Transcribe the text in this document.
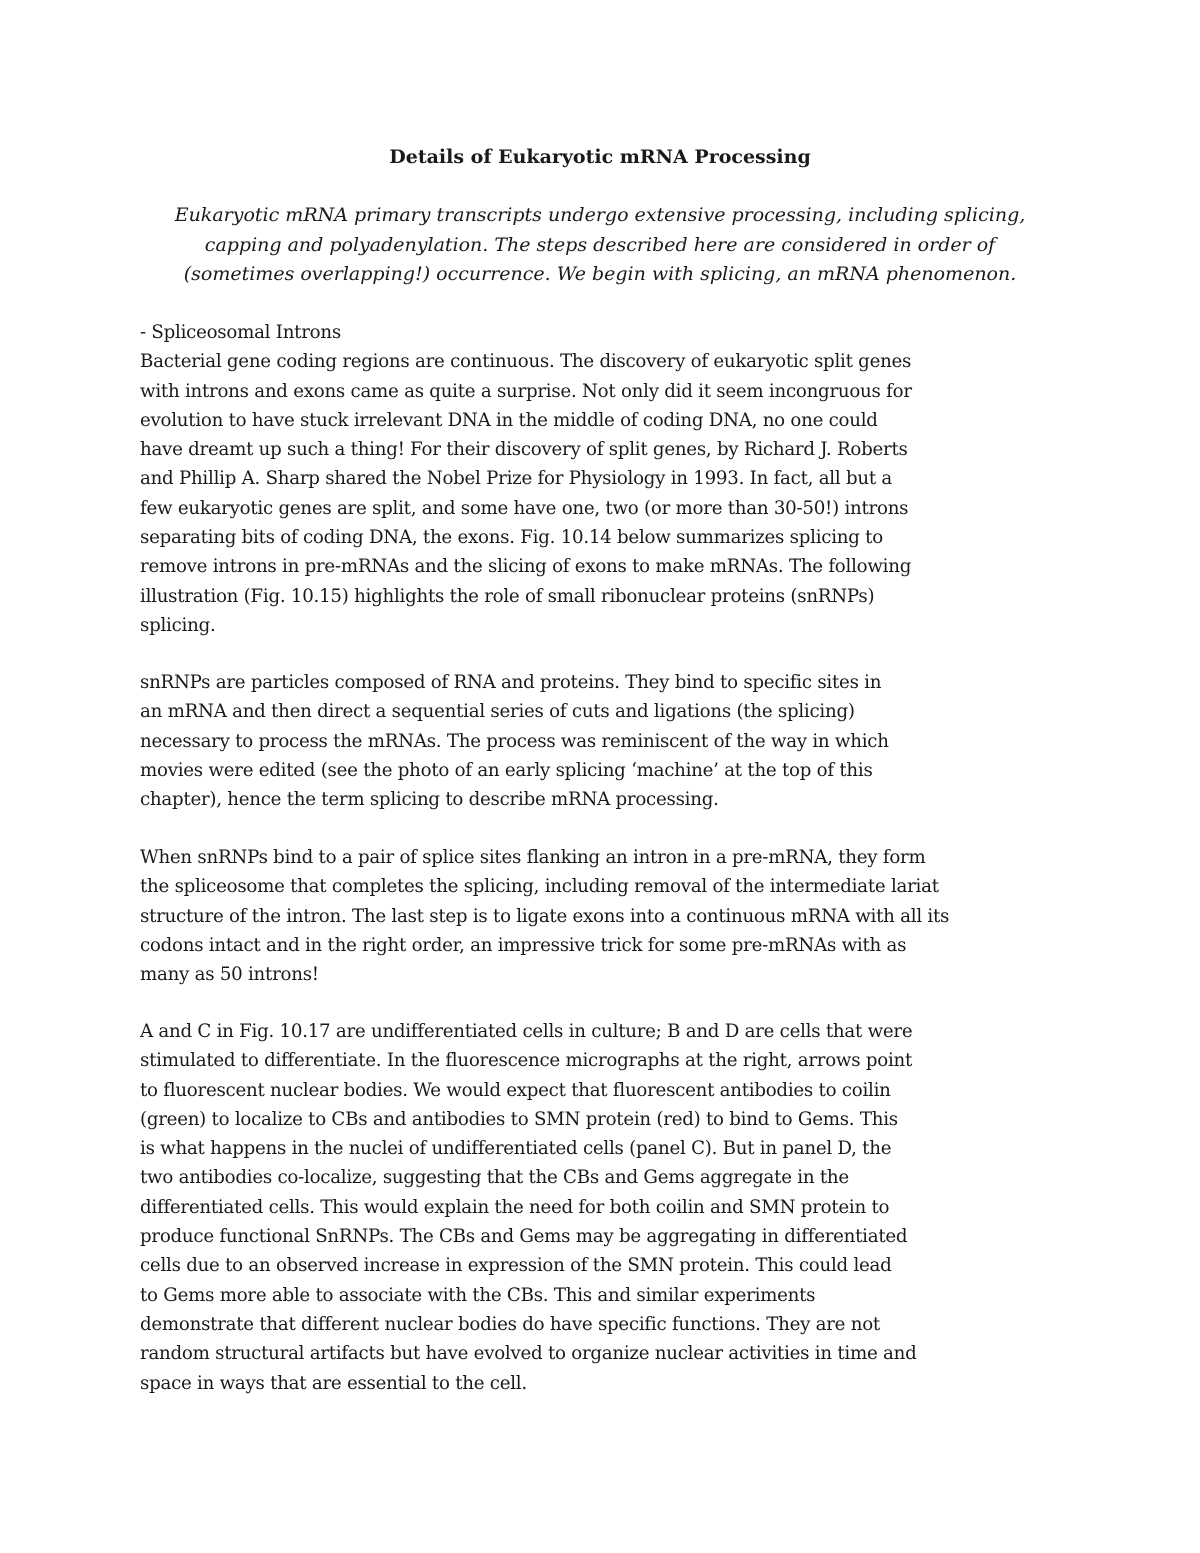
Details of Eukaryotic mRNA Processing
Eukaryotic mRNA primary transcripts undergo extensive processing, including splicing,
capping and polyadenylation. The steps described here are considered in order of
(sometimes overlapping!) occurrence. We begin with splicing, an mRNA phenomenon.
- Spliceosomal Introns
Bacterial gene coding regions are continuous. The discovery of eukaryotic split genes
with introns and exons came as quite a surprise. Not only did it seem incongruous for
evolution to have stuck irrelevant DNA in the middle of coding DNA, no one could
have dreamt up such a thing! For their discovery of split genes, by Richard J. Roberts
and Phillip A. Sharp shared the Nobel Prize for Physiology in 1993. In fact, all but a
few eukaryotic genes are split, and some have one, two (or more than 30-50!) introns
separating bits of coding DNA, the exons. Fig. 10.14 below summarizes splicing to
remove introns in pre-mRNAs and the slicing of exons to make mRNAs. The following
illustration (Fig. 10.15) highlights the role of small ribonuclear proteins (snRNPs)
splicing.
snRNPs are particles composed of RNA and proteins. They bind to specific sites in
an mRNA and then direct a sequential series of cuts and ligations (the splicing)
necessary to process the mRNAs. The process was reminiscent of the way in which
movies were edited (see the photo of an early splicing ‘machine’ at the top of this
chapter), hence the term splicing to describe mRNA processing.
When snRNPs bind to a pair of splice sites flanking an intron in a pre-mRNA, they form
the spliceosome that completes the splicing, including removal of the intermediate lariat
structure of the intron. The last step is to ligate exons into a continuous mRNA with all its
codons intact and in the right order, an impressive trick for some pre-mRNAs with as
many as 50 introns!
A and C in Fig. 10.17 are undifferentiated cells in culture; B and D are cells that were
stimulated to differentiate. In the fluorescence micrographs at the right, arrows point
to fluorescent nuclear bodies. We would expect that fluorescent antibodies to coilin
(green) to localize to CBs and antibodies to SMN protein (red) to bind to Gems. This
is what happens in the nuclei of undifferentiated cells (panel C). But in panel D, the
two antibodies co-localize, suggesting that the CBs and Gems aggregate in the
differentiated cells. This would explain the need for both coilin and SMN protein to
produce functional SnRNPs. The CBs and Gems may be aggregating in differentiated
cells due to an observed increase in expression of the SMN protein. This could lead
to Gems more able to associate with the CBs. This and similar experiments
demonstrate that different nuclear bodies do have specific functions. They are not
random structural artifacts but have evolved to organize nuclear activities in time and
space in ways that are essential to the cell.
